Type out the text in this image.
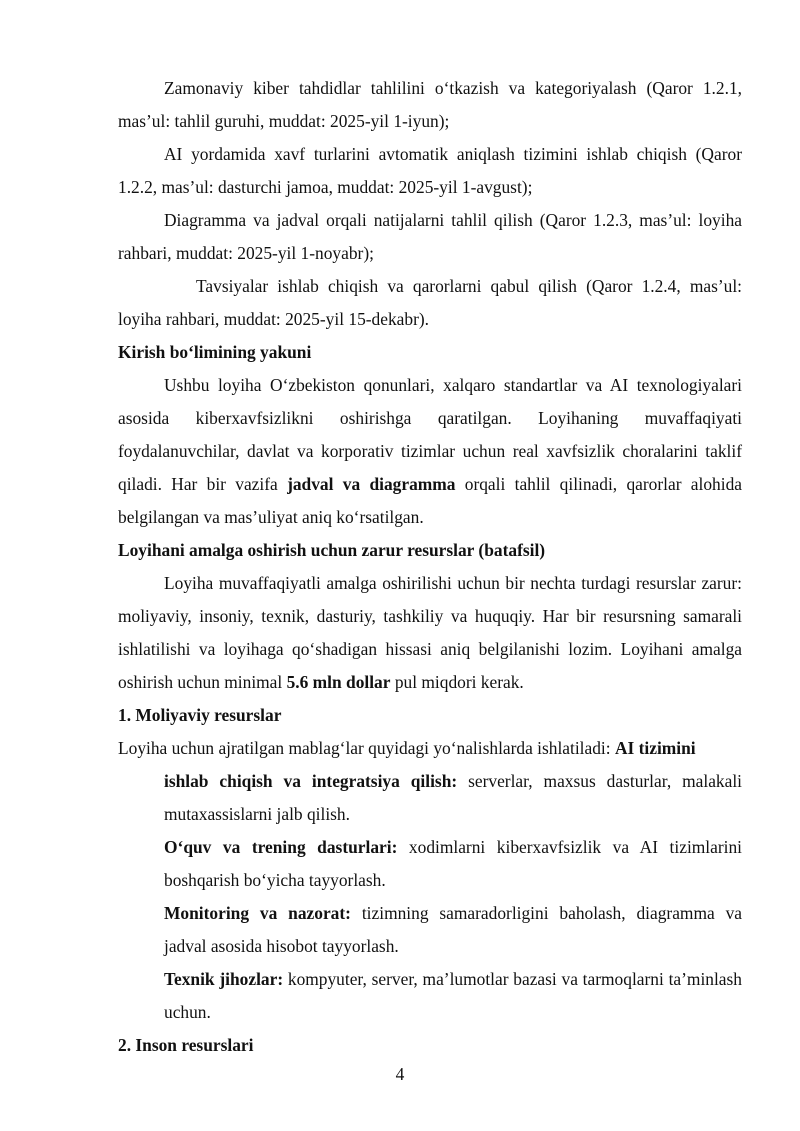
Zamonaviy kiber tahdidlar tahlilini o‘tkazish va kategoriyalash (Qaror 1.2.1, mas’ul: tahlil guruhi, muddat: 2025-yil 1-iyun);

AI yordamida xavf turlarini avtomatik aniqlash tizimini ishlab chiqish (Qaror 1.2.2, mas’ul: dasturchi jamoa, muddat: 2025-yil 1-avgust);

Diagramma va jadval orqali natijalarni tahlil qilish (Qaror 1.2.3, mas’ul: loyiha rahbari, muddat: 2025-yil 1-noyabr);

Tavsiyalar ishlab chiqish va qarorlarni qabul qilish (Qaror 1.2.4, mas’ul: loyiha rahbari, muddat: 2025-yil 15-dekabr).

Kirish bo‘limining yakuni

Ushbu loyiha O‘zbekiston qonunlari, xalqaro standartlar va AI texnologiyalari asosida kiberxavfsizlikni oshirishga qaratilgan. Loyihaning muvaffaqiyati foydalanuvchilar, davlat va korporativ tizimlar uchun real xavfsizlik choralarini taklif qiladi. Har bir vazifa jadval va diagramma orqali tahlil qilinadi, qarorlar alohida belgilangan va mas’uliyat aniq ko‘rsatilgan.

Loyihani amalga oshirish uchun zarur resurslar (batafsil)

Loyiha muvaffaqiyatli amalga oshirilishi uchun bir nechta turdagi resurslar zarur: moliyaviy, insoniy, texnik, dasturiy, tashkiliy va huquqiy. Har bir resursning samarali ishlatilishi va loyihaga qo‘shadigan hissasi aniq belgilanishi lozim. Loyihani amalga oshirish uchun minimal 5.6 mln dollar pul miqdori kerak.

1. Moliyaviy resurslar

Loyiha uchun ajratilgan mablag‘lar quyidagi yo‘nalishlarda ishlatiladi: AI tizimini

ishlab chiqish va integratsiya qilish: serverlar, maxsus dasturlar, malakali mutaxassislarni jalb qilish.

O‘quv va trening dasturlari: xodimlarni kiberxavfsizlik va AI tizimlarini boshqarish bo‘yicha tayyorlash.

Monitoring va nazorat: tizimning samaradorligini baholash, diagramma va jadval asosida hisobot tayyorlash.

Texnik jihozlar: kompyuter, server, ma’lumotlar bazasi va tarmoqlarni ta’minlash uchun.

2. Inson resurslari

4
